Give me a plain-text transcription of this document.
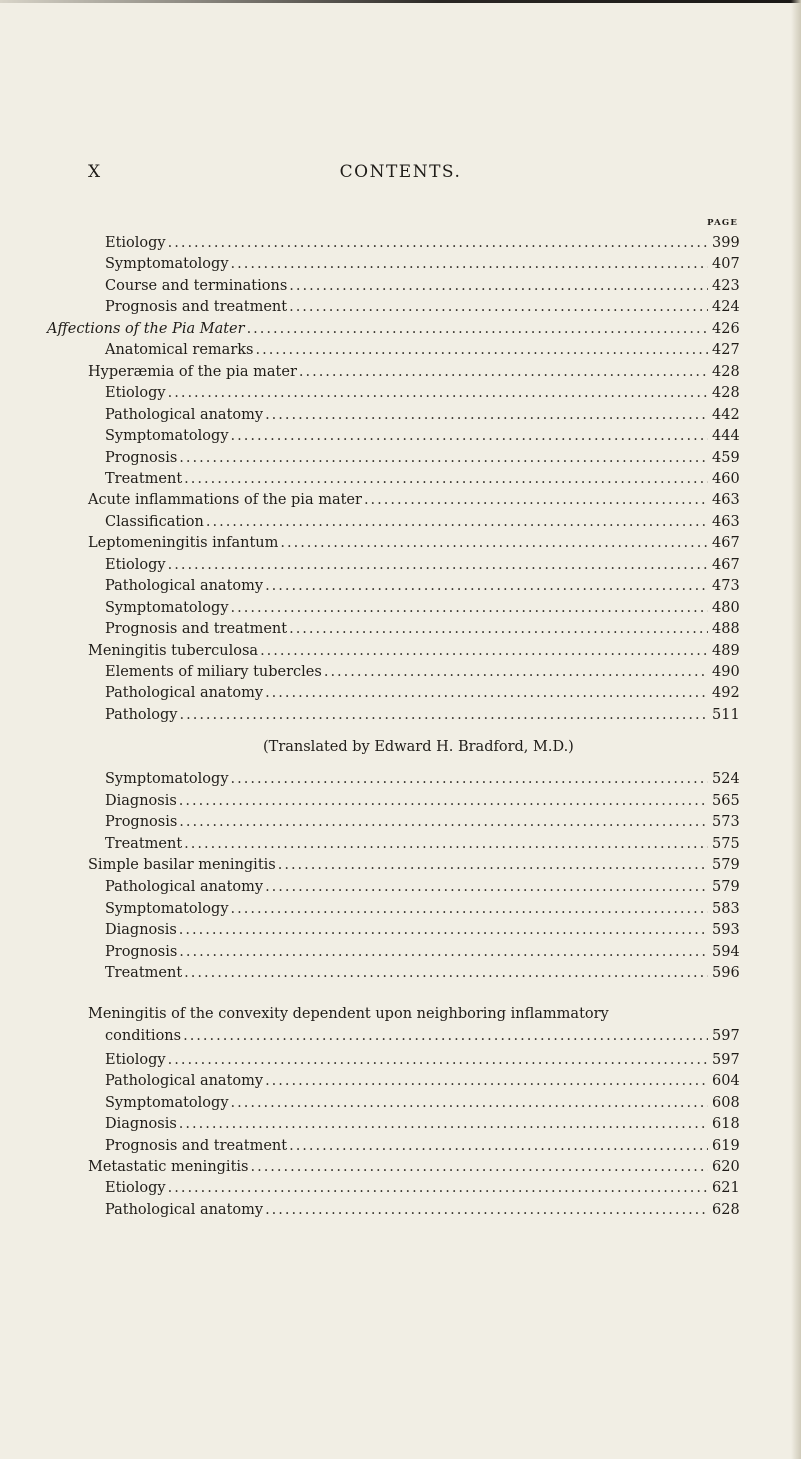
X	CONTENTS.
PAGE
Etiology .....	399
Symptomatology .....	407
Course and terminations .....	423
Prognosis and treatment .....	424
Affections of the Pia Mater .....	426
Anatomical remarks .....	427
Hyperæmia of the pia mater .....	428
Etiology .....	428
Pathological anatomy .....	442
Symptomatology .....	444
Prognosis .....	459
Treatment .....	460
Acute inflammations of the pia mater .....	463
Classification .....	463
Leptomeningitis infantum .....	467
Etiology .....	467
Pathological anatomy .....	473
Symptomatology .....	480
Prognosis and treatment .....	488
Meningitis tuberculosa .....	489
Elements of miliary tubercles .....	490
Pathological anatomy .....	492
Pathology .....	511
(Translated by Edward H. Bradford, M.D.)
Symptomatology .....	524
Diagnosis .....	565
Prognosis .....	573
Treatment .....	575
Simple basilar meningitis .....	579
Pathological anatomy .....	579
Symptomatology .....	583
Diagnosis .....	593
Prognosis .....	594
Treatment .....	596
Meningitis of the convexity dependent upon neighboring inflammatory
conditions .....	597
Etiology .....	597
Pathological anatomy .....	604
Symptomatology .....	608
Diagnosis .....	618
Prognosis and treatment .....	619
Metastatic meningitis .....	620
Etiology .....	621
Pathological anatomy .....	628
